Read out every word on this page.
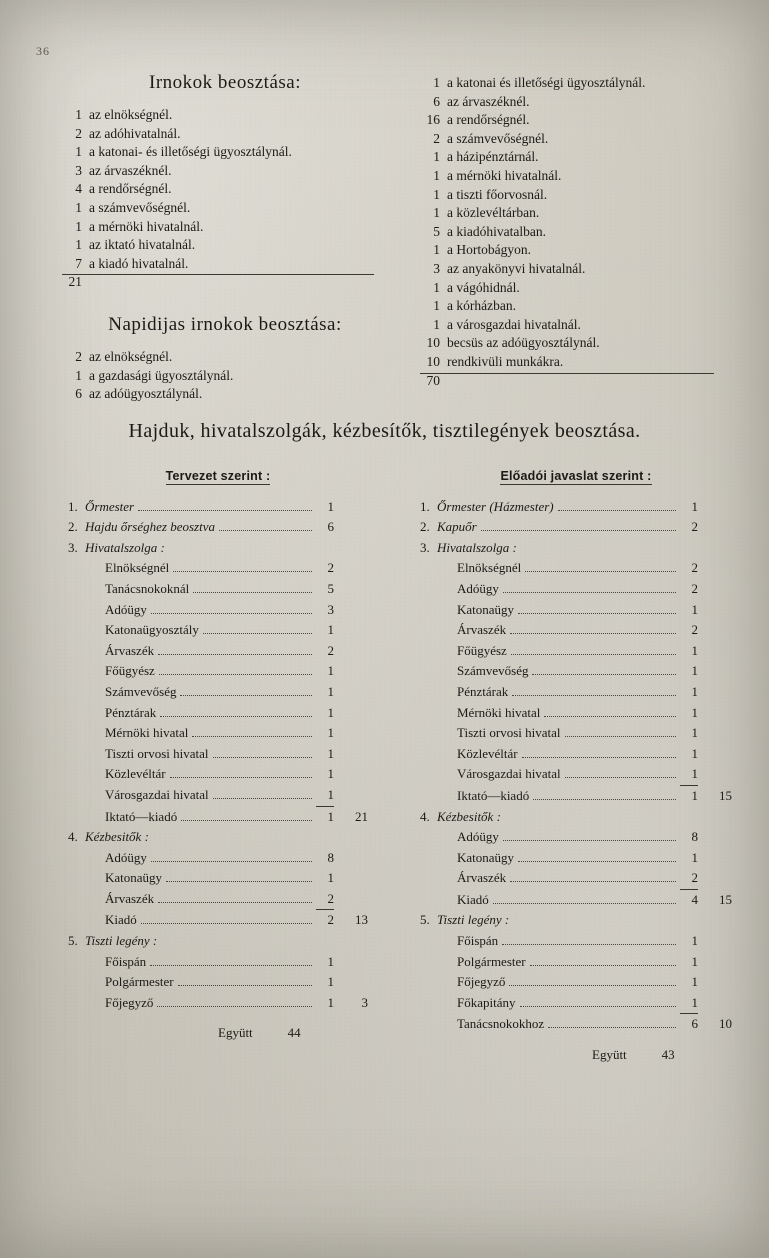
36
Irnokok beosztása:
1 az elnökségnél.
2 az adóhivatalnál.
1 a katonai- és illetőségi ügyosztálynál.
3 az árvaszéknél.
4 a rendőrségnél.
1 a számvevőségnél.
1 a mérnöki hivatalnál.
1 az iktató hivatalnál.
7 a kiadó hivatalnál.
21
Napidijas irnokok beosztása:
2 az elnökségnél.
1 a gazdasági ügyosztálynál.
6 az adóügyosztálynál.
1 a katonai és illetőségi ügyosztálynál.
6 az árvaszéknél.
16 a rendőrségnél.
2 a számvevőségnél.
1 a házipénztárnál.
1 a mérnöki hivatalnál.
1 a tiszti főorvosnál.
1 a közlevéltárban.
5 a kiadóhivatalban.
1 a Hortobágyon.
3 az anyakönyvi hivatalnál.
1 a vágóhidnál.
1 a kórházban.
1 a városgazdai hivatalnál.
10 becsüs az adóügyosztálynál.
10 rendkivüli munkákra.
70
Hajduk, hivatalszolgák, kézbesítők, tisztilegények beosztása.
Tervezet szerint :
1. Őrmester	1
2. Hajdu őrséghez beosztva	6
3. Hivatalszolga :
Elnökségnél	2
Tanácsnokoknál	5
Adóügy	3
Katonaügyosztály	1
Árvaszék	2
Főügyész	1
Számvevőség	1
Pénztárak	1
Mérnöki hivatal	1
Tiszti orvosi hivatal	1
Közlevéltár	1
Városgazdai hivatal	1
Iktató—kiadó	1	21
4. Kézbesitők :
Adóügy	8
Katonaügy	1
Árvaszék	2
Kiadó	2	13
5. Tiszti legény :
Főispán	1
Polgármester	1
Főjegyző	1	3
Együtt	44
Előadói javaslat szerint :
1. Őrmester (Házmester)	1
2. Kapuőr	2
3. Hivatalszolga :
Elnökségnél	2
Adóügy	2
Katonaügy	1
Árvaszék	2
Főügyész	1
Számvevőség	1
Pénztárak	1
Mérnöki hivatal	1
Tiszti orvosi hivatal	1
Közlevéltár	1
Városgazdai hivatal	1
Iktató—kiadó	1	15
4. Kézbesitők :
Adóügy	8
Katonaügy	1
Árvaszék	2
Kiadó	4	15
5. Tiszti legény :
Főispán	1
Polgármester	1
Főjegyző	1
Főkapitány	1
Tanácsnokokhoz	6	10
Együtt	43
